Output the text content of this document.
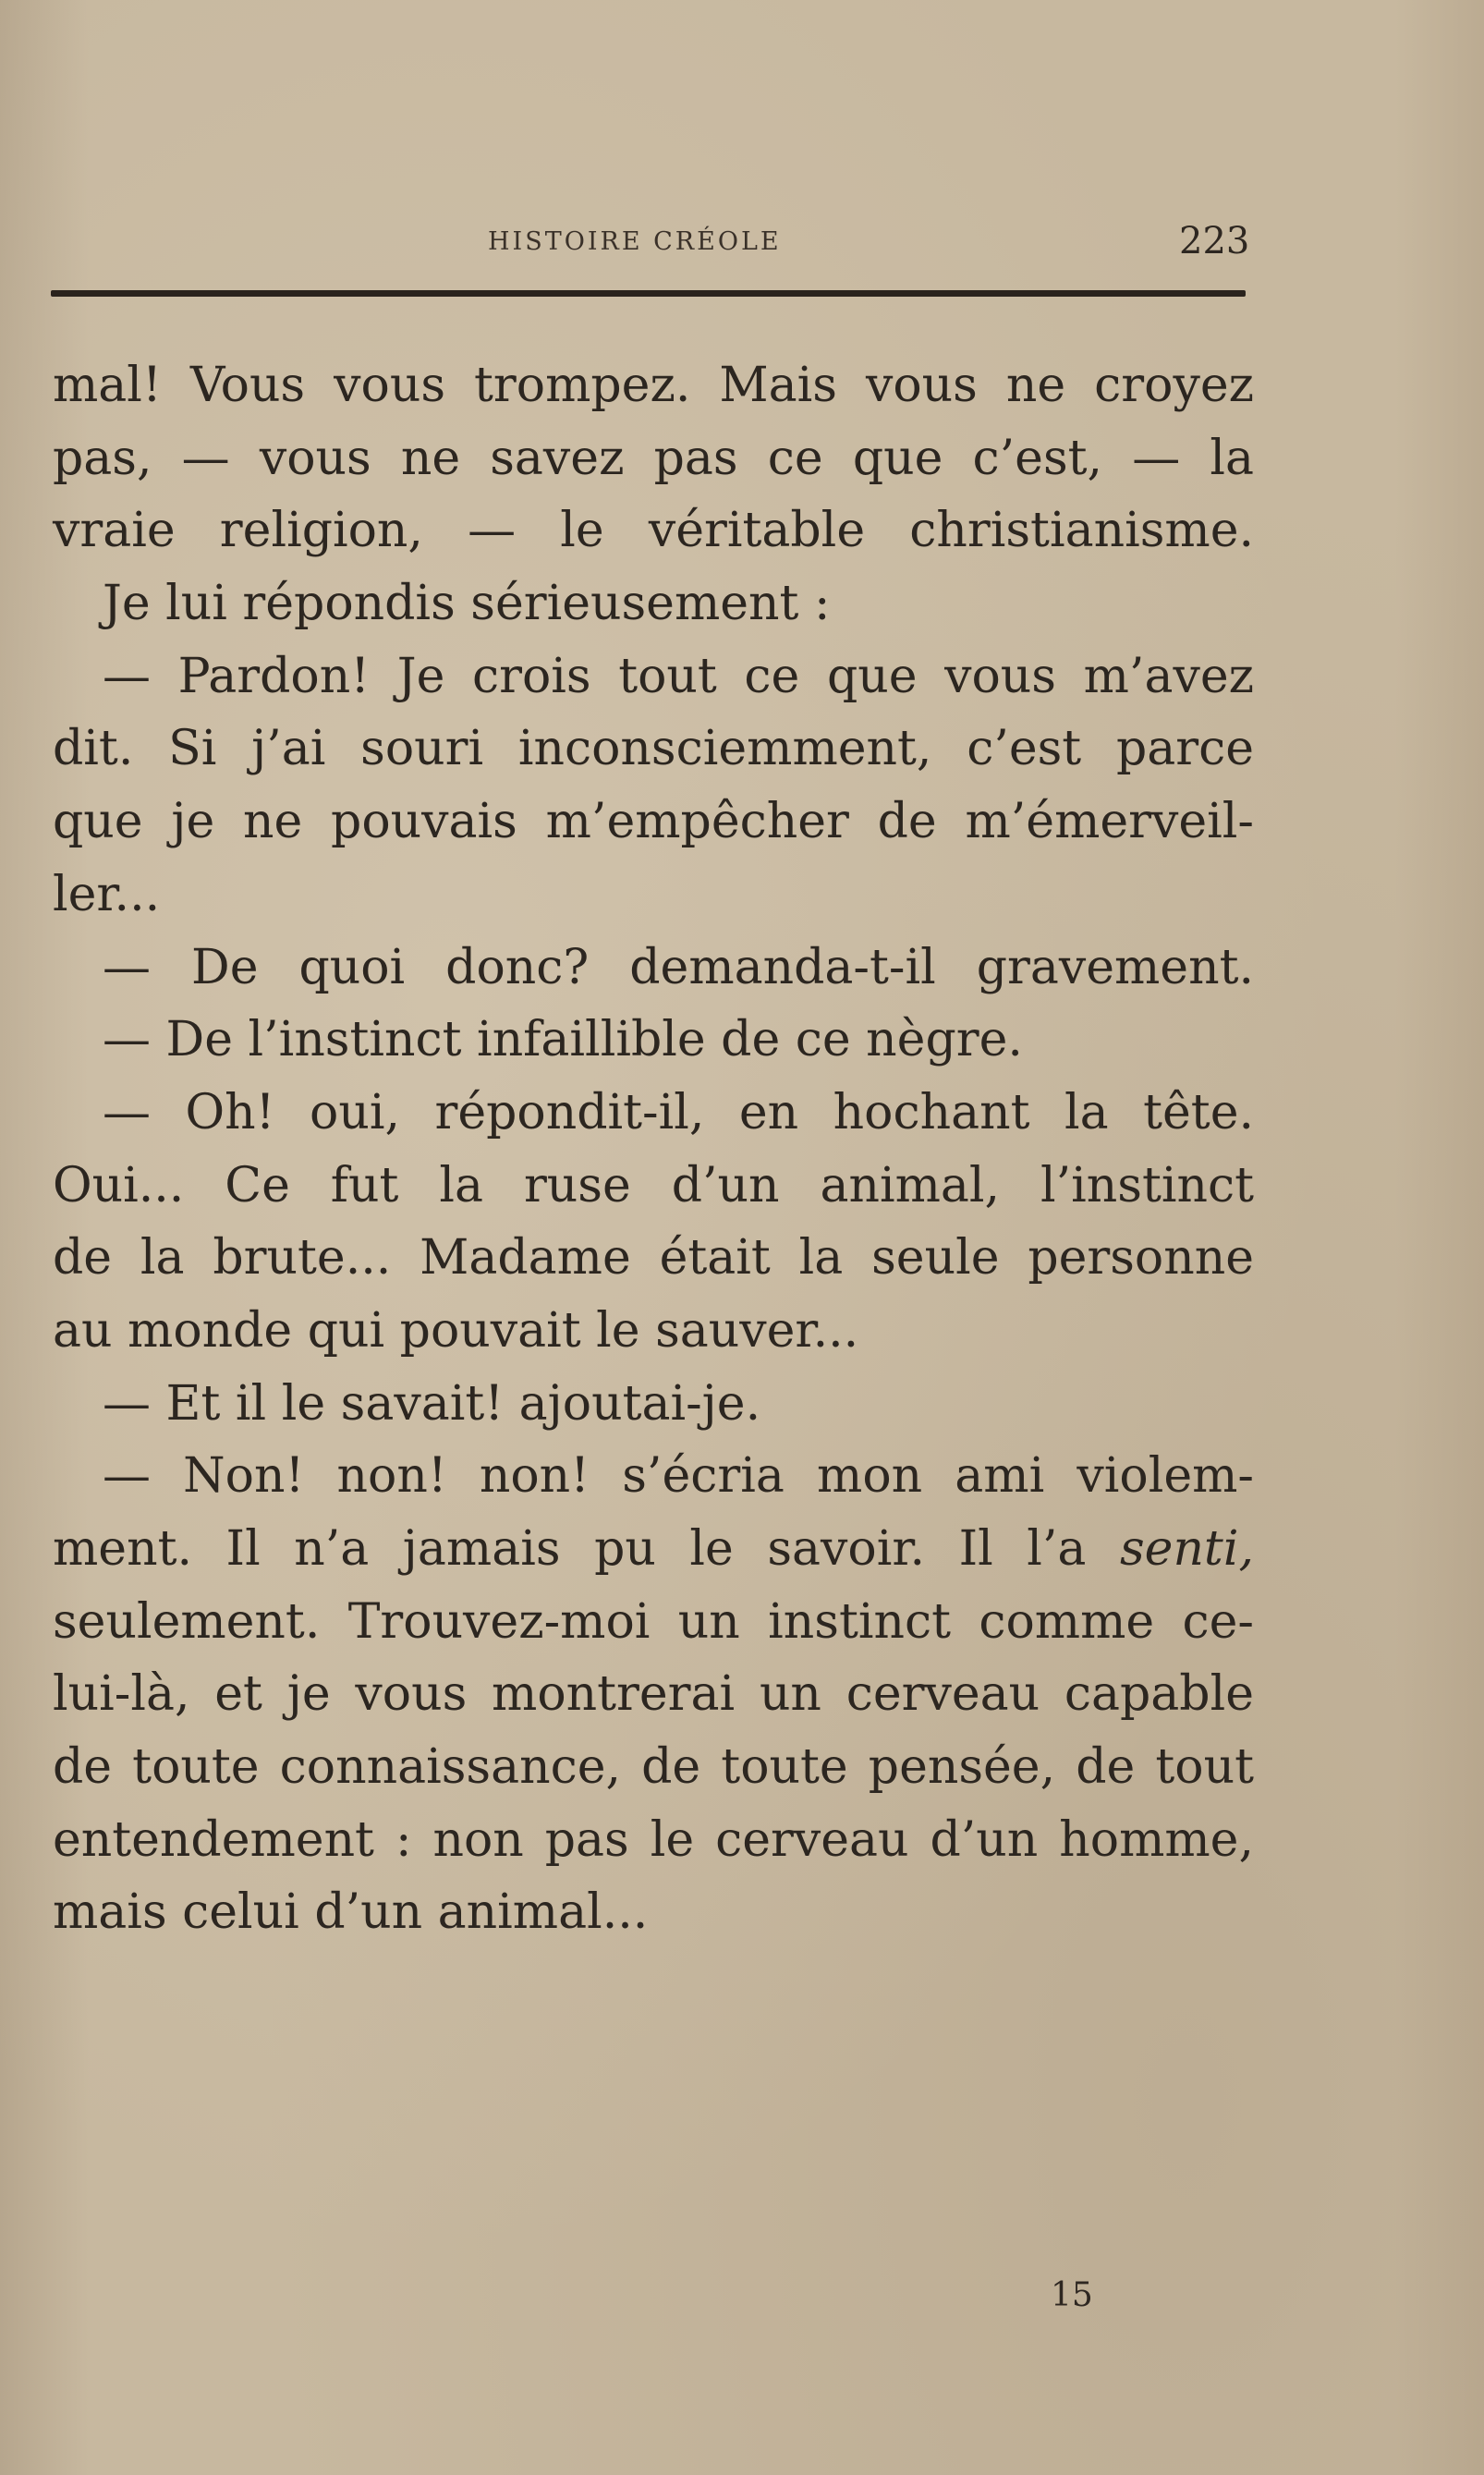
HISTOIRE CRÉOLE	223
mal! Vous vous trompez. Mais vous ne croyez
pas, — vous ne savez pas ce que c’est, — la
vraie religion, — le véritable christianisme.
Je lui répondis sérieusement :
— Pardon! Je crois tout ce que vous m’avez
dit. Si j’ai souri inconsciemment, c’est parce
que je ne pouvais m’empêcher de m’émerveil-
ler...
— De quoi donc? demanda-t-il gravement.
— De l’instinct infaillible de ce nègre.
— Oh! oui, répondit-il, en hochant la tête.
Oui... Ce fut la ruse d’un animal, l’instinct
de la brute... Madame était la seule personne
au monde qui pouvait le sauver...
— Et il le savait! ajoutai-je.
— Non! non! non! s’écria mon ami violem-
ment. Il n’a jamais pu le savoir. Il l’a senti,
seulement. Trouvez-moi un instinct comme ce-
lui-là, et je vous montrerai un cerveau capable
de toute connaissance, de toute pensée, de tout
entendement : non pas le cerveau d’un homme,
mais celui d’un animal...
15
